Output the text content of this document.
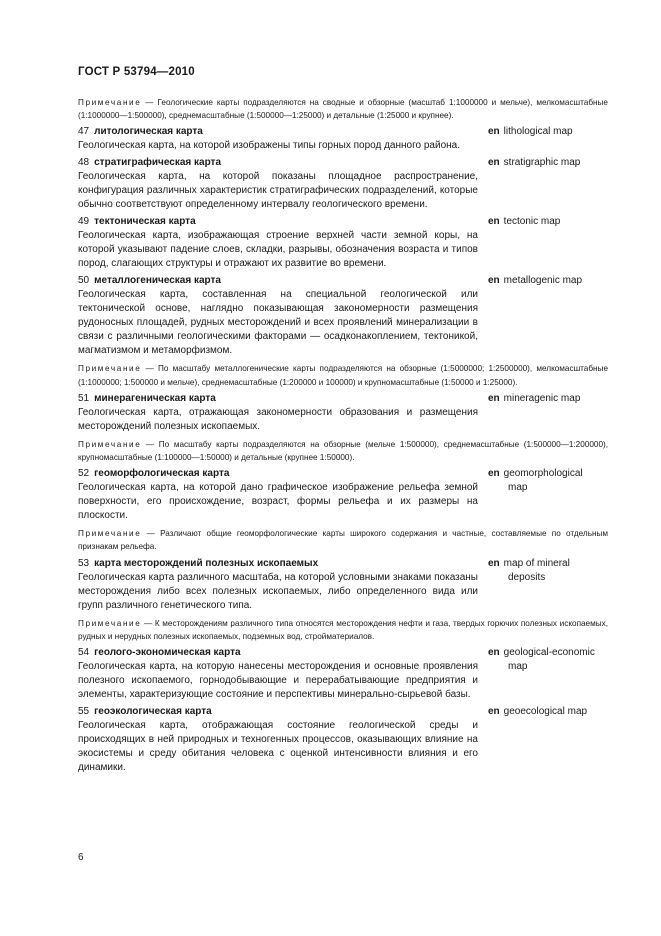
ГОСТ Р 53794—2010

Примечание — Геологические карты подразделяются на сводные и обзорные (масштаб 1:1000000 и мельче), мелкомасштабные (1:1000000—1:500000), среднемасштабные (1:500000—1:25000) и детальные (1:25000 и крупнее).

47 литологическая карта

Геологическая карта, на которой изображены типы горных пород данного района.

en lithological map

48 стратиграфическая карта

Геологическая карта, на которой показаны площадное распространение, конфигурация различных характеристик стратиграфических подразделений, которые обычно соответствуют определенному интервалу геологического времени.

en stratigraphic map

49 тектоническая карта

Геологическая карта, изображающая строение верхней части земной коры, на которой указывают падение слоев, складки, разрывы, обозначения возраста и типов пород, слагающих структуры и отражают их развитие во времени.

en tectonic map

50 металлогеническая карта

Геологическая карта, составленная на специальной геологической или тектонической основе, наглядно показывающая закономерности размещения рудоносных площадей, рудных месторождений и всех проявлений минерализации в связи с различными геологическими факторами — осадконакоплением, тектоникой, магматизмом и метаморфизмом.

en metallogenic map

Примечание — По масштабу металлогенические карты подразделяются на обзорные (1:5000000; 1:2500000), мелкомасштабные (1:1000000; 1:500000 и мельче), среднемасштабные (1:200000 и 100000) и крупномасштабные (1:50000 и 1:25000).

51 минерагеническая карта

Геологическая карта, отражающая закономерности образования и размещения месторождений полезных ископаемых.

en mineragenic map

Примечание — По масштабу карты подразделяются на обзорные (мельче 1:500000), среднемасштабные (1:500000—1:200000), крупномасштабные (1:100000—1:50000) и детальные (крупнее 1:50000).

52 геоморфологическая карта

Геологическая карта, на которой дано графическое изображение рельефа земной поверхности, его происхождение, возраст, формы рельефа и их размеры на плоскости.

en geomorphological
map

Примечание — Различают общие геоморфологические карты широкого содержания и частные, составляемые по отдельным признакам рельефа.

53 карта месторождений полезных ископаемых

Геологическая карта различного масштаба, на которой условными знаками показаны месторождения либо всех полезных ископаемых, либо определенного вида или групп различного генетического типа.

en map of mineral
deposits

Примечание — К месторождениям различного типа относятся месторождения нефти и газа, твердых горючих полезных ископаемых, рудных и нерудных полезных ископаемых, подземных вод, стройматериалов.

54 геолого-экономическая карта

Геологическая карта, на которую нанесены месторождения и основные проявления полезного ископаемого, горнодобывающие и перерабатывающие предприятия и элементы, характеризующие состояние и перспективы минерально-сырьевой базы.

en geological-economic
map

55 геоэкологическая карта

Геологическая карта, отображающая состояние геологической среды и происходящих в ней природных и техногенных процессов, оказывающих влияние на экосистемы и среду обитания человека с оценкой интенсивности влияния и его динамики.

en geoecological map
6
